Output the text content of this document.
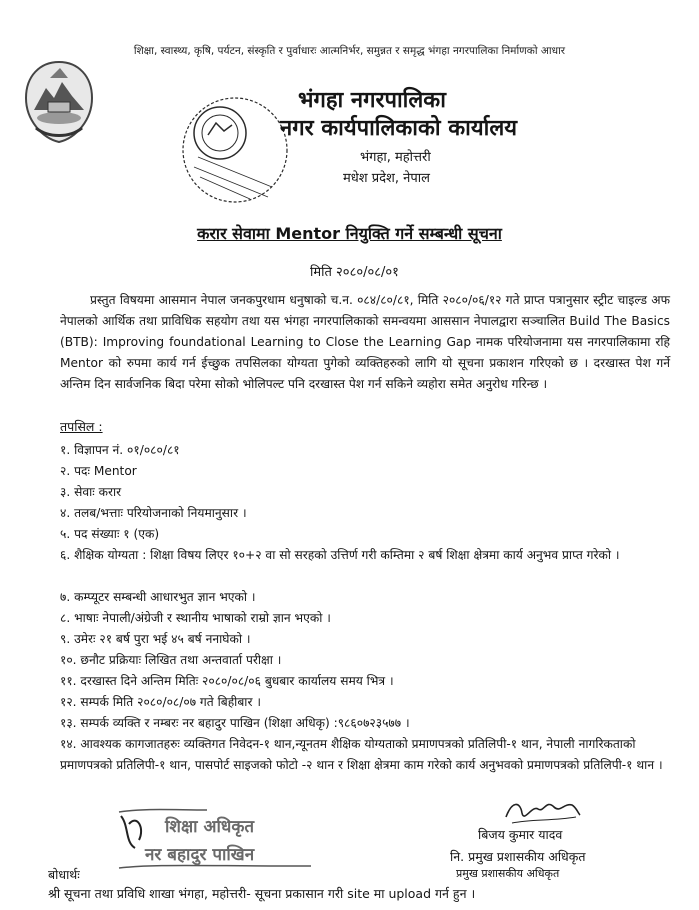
शिक्षा, स्वास्थ्य, कृषि, पर्यटन, संस्कृति र पुर्वाधारः आत्मनिर्भर, समुन्नत र समृद्ध भंगहा नगरपालिका निर्माणको आधार
भंगहा नगरपालिका
नगर कार्यपालिकाको कार्यालय
भंगहा, महोत्तरी
मधेश प्रदेश, नेपाल
करार सेवामा Mentor नियुक्ति गर्ने सम्बन्धी सूचना
मिति २०८०/०८/०१
प्रस्तुत विषयमा आसमान नेपाल जनकपुरधाम धनुषाको च.न. ०८४/८०/८१, मिति २०८०/०६/१२ गते प्राप्त पत्रानुसार स्ट्रीट चाइल्ड अफ नेपालको आर्थिक तथा प्राविधिक सहयोग तथा यस भंगहा नगरपालिकाको समन्वयमा आससान नेपालद्वारा सञ्चालित Build The Basics (BTB): Improving foundational Learning to Close the Learning Gap नामक परियोजनामा यस नगरपालिकामा रहि Mentor को रुपमा कार्य गर्न ईच्छुक तपसिलका योग्यता पुगेको व्यक्तिहरुको लागि यो सूचना प्रकाशन गरिएको छ । दरखास्त पेश गर्ने अन्तिम दिन सार्वजनिक बिदा परेमा सोको भोलिपल्ट पनि दरखास्त पेश गर्न सकिने व्यहोरा समेत अनुरोध गरिन्छ ।
तपसिल :
१. विज्ञापन नं. ०१/०८०/८१
२. पदः Mentor
३. सेवाः करार
४. तलब/भत्ताः परियोजनाको नियमानुसार ।
५. पद संख्याः १ (एक)
६. शैक्षिक योग्यता : शिक्षा विषय लिएर १०+२ वा सो सरहको उत्तिर्ण गरी कम्तिमा २ बर्ष शिक्षा क्षेत्रमा कार्य अनुभव प्राप्त गरेको ।
७. कम्प्यूटर सम्बन्धी आधारभुत ज्ञान भएको ।
८. भाषाः नेपाली/अंग्रेजी र स्थानीय भाषाको राम्रो ज्ञान भएको ।
९. उमेरः २१ बर्ष पुरा भई ४५ बर्ष ननाघेको ।
१०. छनौट प्रक्रियाः लिखित तथा अन्तवार्ता परीक्षा ।
११. दरखास्त दिने अन्तिम मितिः २०८०/०८/०६ बुधबार कार्यालय समय भित्र ।
१२. सम्पर्क मिति २०८०/०८/०७ गते बिहीबार ।
१३. सम्पर्क व्यक्ति र नम्बरः नर बहादुर पाखिन (शिक्षा अधिकृ) :९८६०७२३५७७ ।
१४. आवश्यक कागजातहरुः व्यक्तिगत निवेदन-१ थान,न्यूनतम शैक्षिक योग्यताको प्रमाणपत्रको प्रतिलिपी-१ थान, नेपाली नागरिकताको प्रमाणपत्रको प्रतिलिपी-१ थान, पासपोर्ट साइजको फोटो -२ थान र शिक्षा क्षेत्रमा काम गरेको कार्य अनुभवको प्रमाणपत्रको प्रतिलिपी-१ थान ।
शिक्षा अधिकृत
नर बहादुर पाखिन
बिजय कुमार यादव
नि. प्रमुख प्रशासकीय अधिकृत
प्रमुख प्रशासकीय अधिकृत
बोधार्थः
श्री सूचना तथा प्रविधि शाखा भंगहा, महोत्तरी- सूचना प्रकासान गरी site मा upload गर्न हुन ।
